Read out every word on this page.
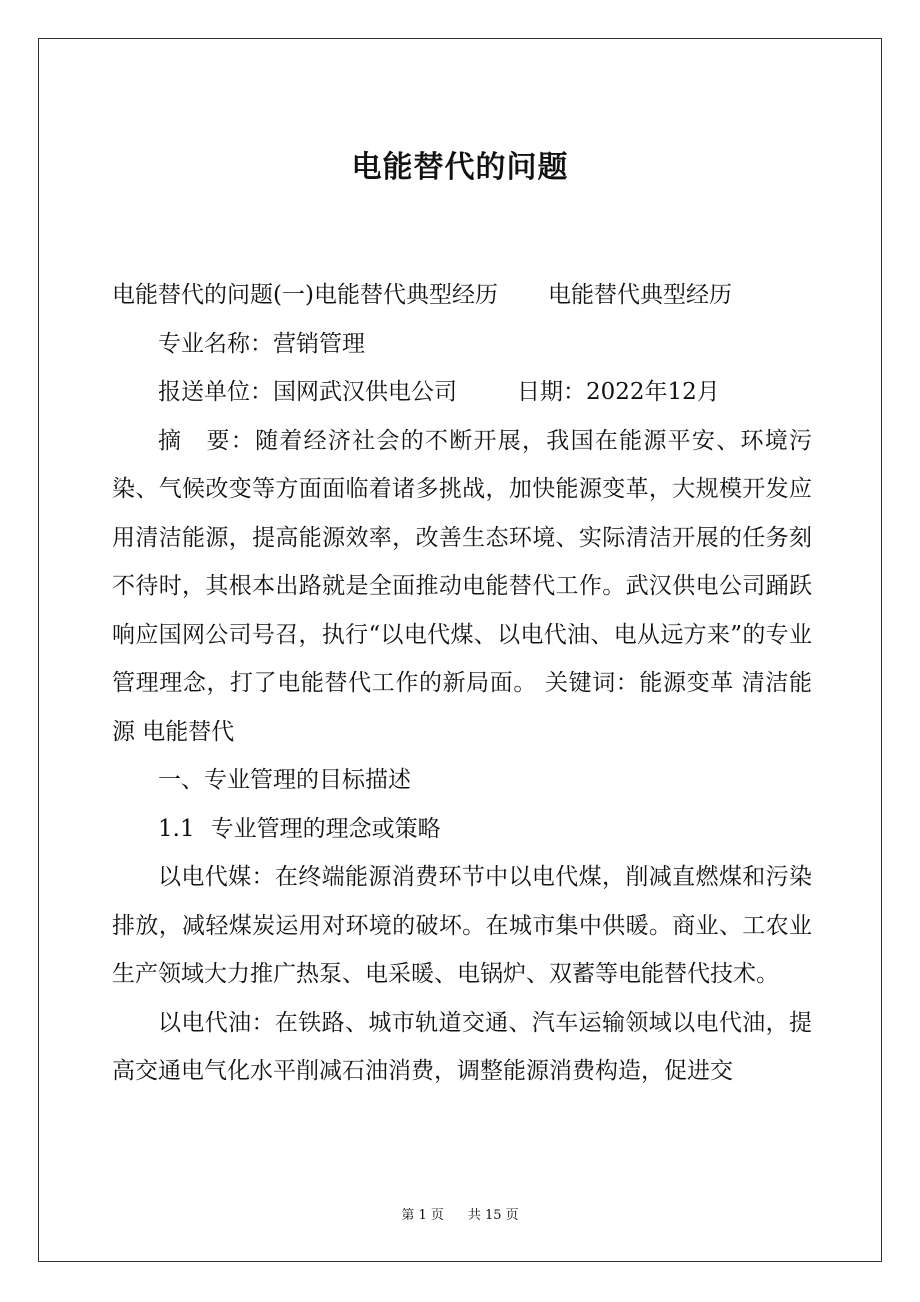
电能替代的问题

电能替代的问题(一)电能替代典型经历 电能替代典型经历

专业名称：营销管理

报送单位：国网武汉供电公司	日期：2022年12月

摘　要：随着经济社会的不断开展，我国在能源平安、环境污染、气候改变等方面面临着诸多挑战，加快能源变革，大规模开发应用清洁能源，提高能源效率，改善生态环境、实际清洁开展的任务刻不待时，其根本出路就是全面推动电能替代工作。武汉供电公司踊跃响应国网公司号召，执行“以电代煤、以电代油、电从远方来”的专业管理理念，打了电能替代工作的新局面。 关键词：能源变革 清洁能源 电能替代

一、专业管理的目标描述

1.1 专业管理的理念或策略

以电代媒：在终端能源消费环节中以电代煤，削减直燃煤和污染排放，减轻煤炭运用对环境的破坏。在城市集中供暖。商业、工农业生产领域大力推广热泵、电采暖、电锅炉、双蓄等电能替代技术。

以电代油：在铁路、城市轨道交通、汽车运输领域以电代油，提高交通电气化水平削减石油消费，调整能源消费构造，促进交

第 1 页 共 15 页
